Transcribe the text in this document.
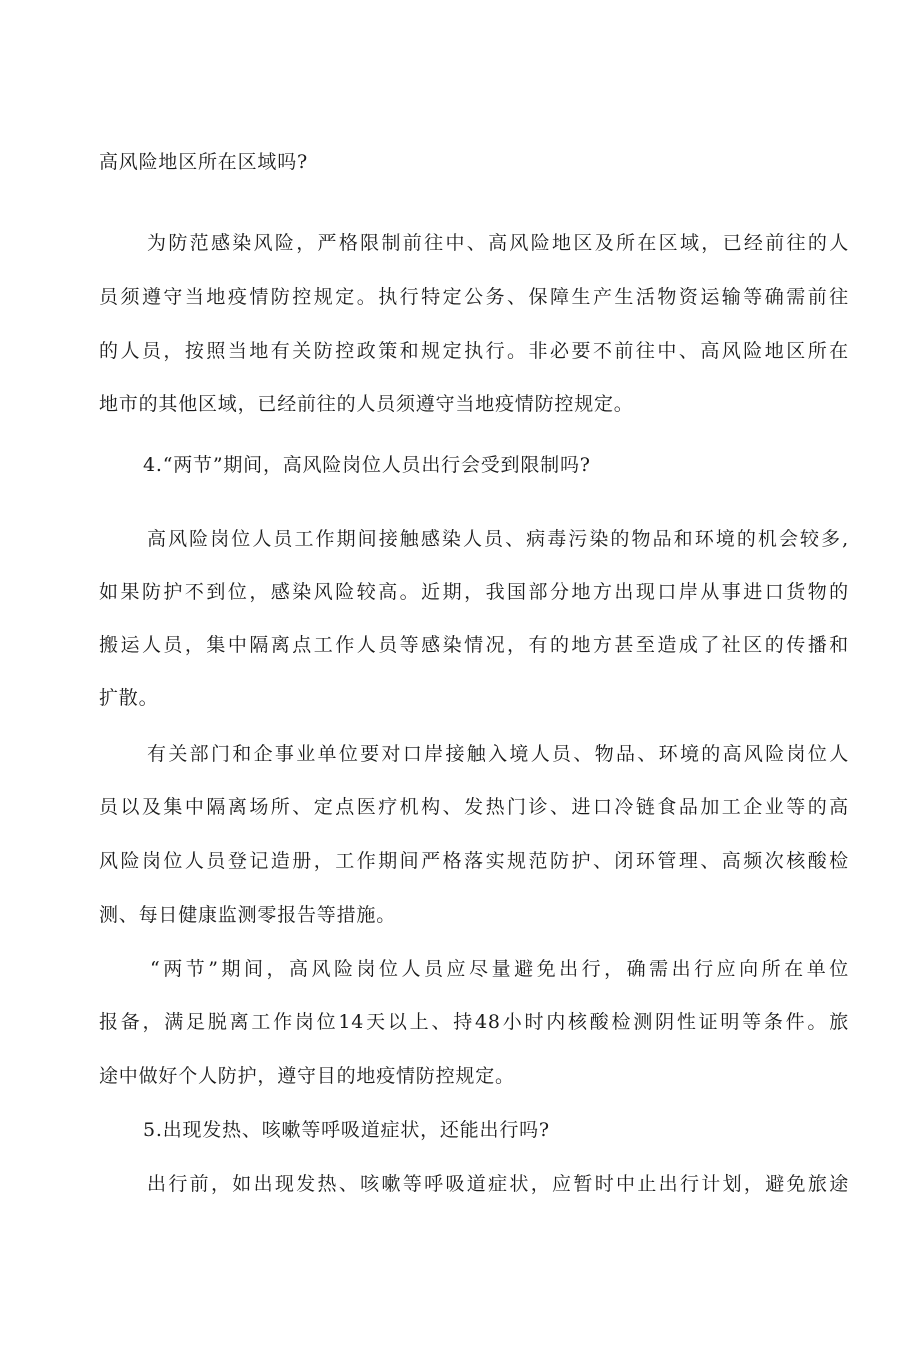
高风险地区所在区域吗?
为防范感染风险，严格限制前往中、高风险地区及所在区域，已经前往的人
员须遵守当地疫情防控规定。执行特定公务、保障生产生活物资运输等确需前往
的人员，按照当地有关防控政策和规定执行。非必要不前往中、高风险地区所在
地市的其他区域，已经前往的人员须遵守当地疫情防控规定。
4.“两节”期间，高风险岗位人员出行会受到限制吗?
高风险岗位人员工作期间接触感染人员、病毒污染的物品和环境的机会较多,
如果防护不到位，感染风险较高。近期，我国部分地方出现口岸从事进口货物的
搬运人员，集中隔离点工作人员等感染情况，有的地方甚至造成了社区的传播和
扩散。
有关部门和企事业单位要对口岸接触入境人员、物品、环境的高风险岗位人
员以及集中隔离场所、定点医疗机构、发热门诊、进口冷链食品加工企业等的高
风险岗位人员登记造册，工作期间严格落实规范防护、闭环管理、高频次核酸检
测、每日健康监测零报告等措施。
“两节”期间，高风险岗位人员应尽量避免出行，确需出行应向所在单位
报备，满足脱离工作岗位14天以上、持48小时内核酸检测阴性证明等条件。旅
途中做好个人防护，遵守目的地疫情防控规定。
5.出现发热、咳嗽等呼吸道症状，还能出行吗?
出行前，如出现发热、咳嗽等呼吸道症状，应暂时中止出行计划，避免旅途
